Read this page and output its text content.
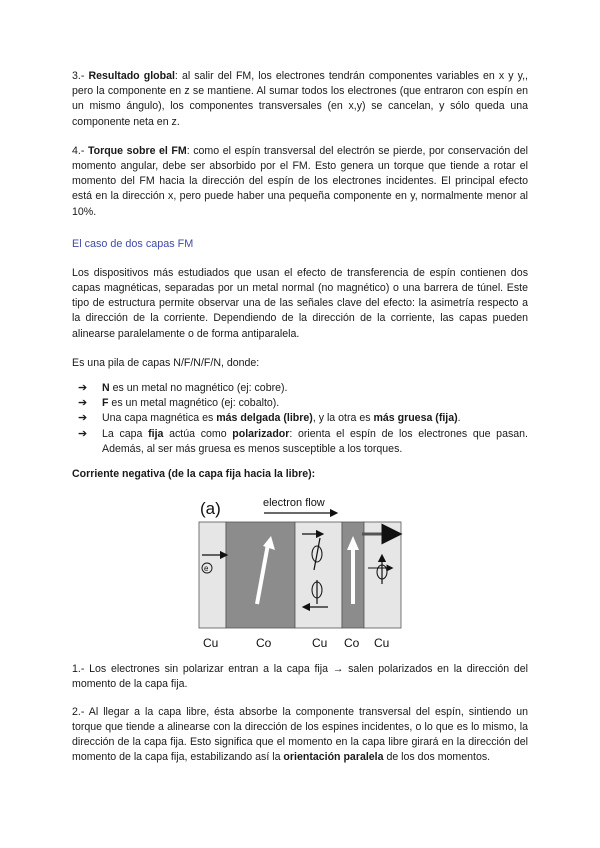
3.- Resultado global: al salir del FM, los electrones tendrán componentes variables en x y y,, pero la componente en z se mantiene. Al sumar todos los electrones (que entraron con espín en un mismo ángulo), los componentes transversales (en x,y) se cancelan, y sólo queda una componente neta en z.

4.- Torque sobre el FM: como el espín transversal del electrón se pierde, por conservación del momento angular, debe ser absorbido por el FM. Esto genera un torque que tiende a rotar el momento del FM hacia la dirección del espín de los electrones incidentes. El principal efecto está en la dirección x, pero puede haber una pequeña componente en y, normalmente menor al 10%.

El caso de dos capas FM

Los dispositivos más estudiados que usan el efecto de transferencia de espín contienen dos capas magnéticas, separadas por un metal normal (no magnético) o una barrera de túnel. Este tipo de estructura permite observar una de las señales clave del efecto: la asimetría respecto a la dirección de la corriente. Dependiendo de la dirección de la corriente, las capas pueden alinearse paralelamente o de forma antiparalela.

Es una pila de capas N/F/N/F/N, donde:

➔ N es un metal no magnético (ej: cobre).
➔ F es un metal magnético (ej: cobalto).
➔ Una capa magnética es más delgada (libre), y la otra es más gruesa (fija).
➔ La capa fija actúa como polarizador: orienta el espín de los electrones que pasan. Además, al ser más gruesa es menos susceptible a los torques.

Corriente negativa (de la capa fija hacia la libre):

(a)	electron flow
e
Cu	Co	Cu Co Cu

1.- Los electrones sin polarizar entran a la capa fija → salen polarizados en la dirección del momento de la capa fija.

2.- Al llegar a la capa libre, ésta absorbe la componente transversal del espín, sintiendo un torque que tiende a alinearse con la dirección de los espines incidentes, o lo que es lo mismo, la dirección de la capa fija. Esto significa que el momento en la capa libre girará en la dirección del momento de la capa fija, estabilizando así la orientación paralela de los dos momentos.
